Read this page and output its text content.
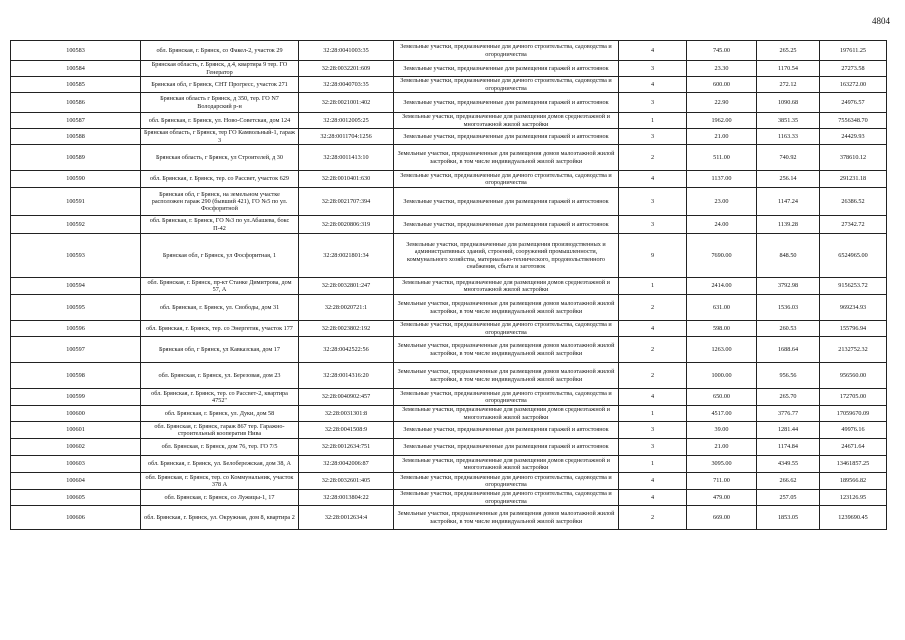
4804
100583	обл. Брянская, г. Брянск, со Факел-2, участок 29	32:28:0041003:35	Земельные участки, предназначенные для дачного строительства, садоводства и огородничества	4	745.00	265.25	197611.25
100584	Брянская область, г. Брянск, д.4, квартира 9 тер. ГО Генератор	32:28:0032201:609	Земельные участки, предназначенные для размещения гаражей и автостоянок	3	23.30	1170.54	27273.58
100585	Брянская обл, г Брянск, СНТ Прогресс, участок 271	32:28:0040703:35	Земельные участки, предназначенные для дачного строительства, садоводства и огородничества	4	600.00	272.12	163272.00
100586	Брянская область г Брянск, д 350, тер. ГО N7 Володарский р-н	32:28:0021001:402	Земельные участки, предназначенные для размещения гаражей и автостоянок	3	22.90	1090.68	24976.57
100587	обл. Брянская, г. Брянск, ул. Ново-Советская, дом 124	32:28:0012005:25	Земельные участки, предназначенные для размещения домов среднеэтажной и многоэтажной жилой застройки	1	1962.00	3851.35	7556348.70
100588	Брянская область, г Брянск, тер ГО Камвольный-1, гараж 3	32:28:0011704:1256	Земельные участки, предназначенные для размещения гаражей и автостоянок	3	21.00	1163.33	24429.93
100589	Брянская область, г Брянск, ул Строителей, д 30	32:28:0011413:10	Земельные участки, предназначенные для размещения домов малоэтажной жилой застройки, в том числе индивидуальной жилой застройки	2	511.00	740.92	378610.12
100590	обл. Брянская, г. Брянск, тер. со Рассвет, участок 629	32:28:0010401:630	Земельные участки, предназначенные для дачного строительства, садоводства и огородничества	4	1137.00	256.14	291231.18
100591	Брянская обл, г Брянск, на земельном участке расположен гараж 290 (бывший 421), ГО №5 по ул. Фосфоритной	32:28:0021707:394	Земельные участки, предназначенные для размещения гаражей и автостоянок	3	23.00	1147.24	26386.52
100592	обл. Брянская, г. Брянск, ГО №3 по ул.Абашева, бокс П-42	32:28:0020806:319	Земельные участки, предназначенные для размещения гаражей и автостоянок	3	24.00	1139.28	27342.72
100593	Брянская обл, г Брянск, ул Фосфоритная, 1	32:28:0021801:34	Земельные участки, предназначенные для размещения производственных и административных зданий, строений, сооружений промышленности, коммунального хозяйства, материально-технического, продовольственного снабжения, сбыта и заготовок	9	7690.00	848.50	6524965.00
100594	обл. Брянская, г. Брянск, пр-кт Станке Димитрова, дом 57, А	32:28:0032801:247	Земельные участки, предназначенные для размещения домов среднеэтажной и многоэтажной жилой застройки	1	2414.00	3792.98	9156253.72
100595	обл. Брянская, г. Брянск, ул. Свободы, дом 31	32:28:0020721:1	Земельные участки, предназначенные для размещения домов малоэтажной жилой застройки, в том числе индивидуальной жилой застройки	2	631.00	1536.03	969234.93
100596	обл. Брянская, г. Брянск, тер. со Энергетик, участок 177	32:28:0023802:192	Земельные участки, предназначенные для дачного строительства, садоводства и огородничества	4	598.00	260.53	155796.94
100597	Брянская обл, г Брянск, ул Кавказская, дом 17	32:28:0042522:56	Земельные участки, предназначенные для размещения домов малоэтажной жилой застройки, в том числе индивидуальной жилой застройки	2	1263.00	1688.64	2132752.32
100598	обл. Брянская, г. Брянск, ул. Березовая, дом 23	32:28:0014316:20	Земельные участки, предназначенные для размещения домов малоэтажной жилой застройки, в том числе индивидуальной жилой застройки	2	1000.00	956.56	956560.00
100599	обл. Брянская, г. Брянск, тер. со Рассвет-2, квартира 4752"	32:28:0040902:457	Земельные участки, предназначенные для дачного строительства, садоводства и огородничества	4	650.00	265.70	172705.00
100600	обл. Брянская, г. Брянск, ул. Дуки, дом 58	32:28:0031301:8	Земельные участки, предназначенные для размещения домов среднеэтажной и многоэтажной жилой застройки	1	4517.00	3776.77	17059670.09
100601	обл. Брянская, г. Брянск, гараж 867 тер. Гаражно-строительный кооператив Нива	32:28:0041508:9	Земельные участки, предназначенные для размещения гаражей и автостоянок	3	39.00	1281.44	49976.16
100602	обл. Брянская, г. Брянск, дом 76, тер. ГО 7/5	32:28:0012634:751	Земельные участки, предназначенные для размещения гаражей и автостоянок	3	21.00	1174.84	24671.64
100603	обл. Брянская, г. Брянск, ул. Белобережская, дом 38, А	32:28:0042006:87	Земельные участки, предназначенные для размещения домов среднеэтажной и многоэтажной жилой застройки	1	3095.00	4349.55	13461857.25
100604	обл. Брянская, г. Брянск, тер. со Коммунальник, участок 378 А	32:28:0032601:405	Земельные участки, предназначенные для дачного строительства, садоводства и огородничества	4	711.00	266.62	189566.82
100605	обл. Брянская, г. Брянск, со Лужицы-1, 17	32:28:0013804:22	Земельные участки, предназначенные для дачного строительства, садоводства и огородничества	4	479.00	257.05	123126.95
100606	обл. Брянская, г. Брянск, ул. Окружная, дом 8, квартира 2	32:28:0012634:4	Земельные участки, предназначенные для размещения домов малоэтажной жилой застройки, в том числе индивидуальной жилой застройки	2	669.00	1853.05	1239690.45
